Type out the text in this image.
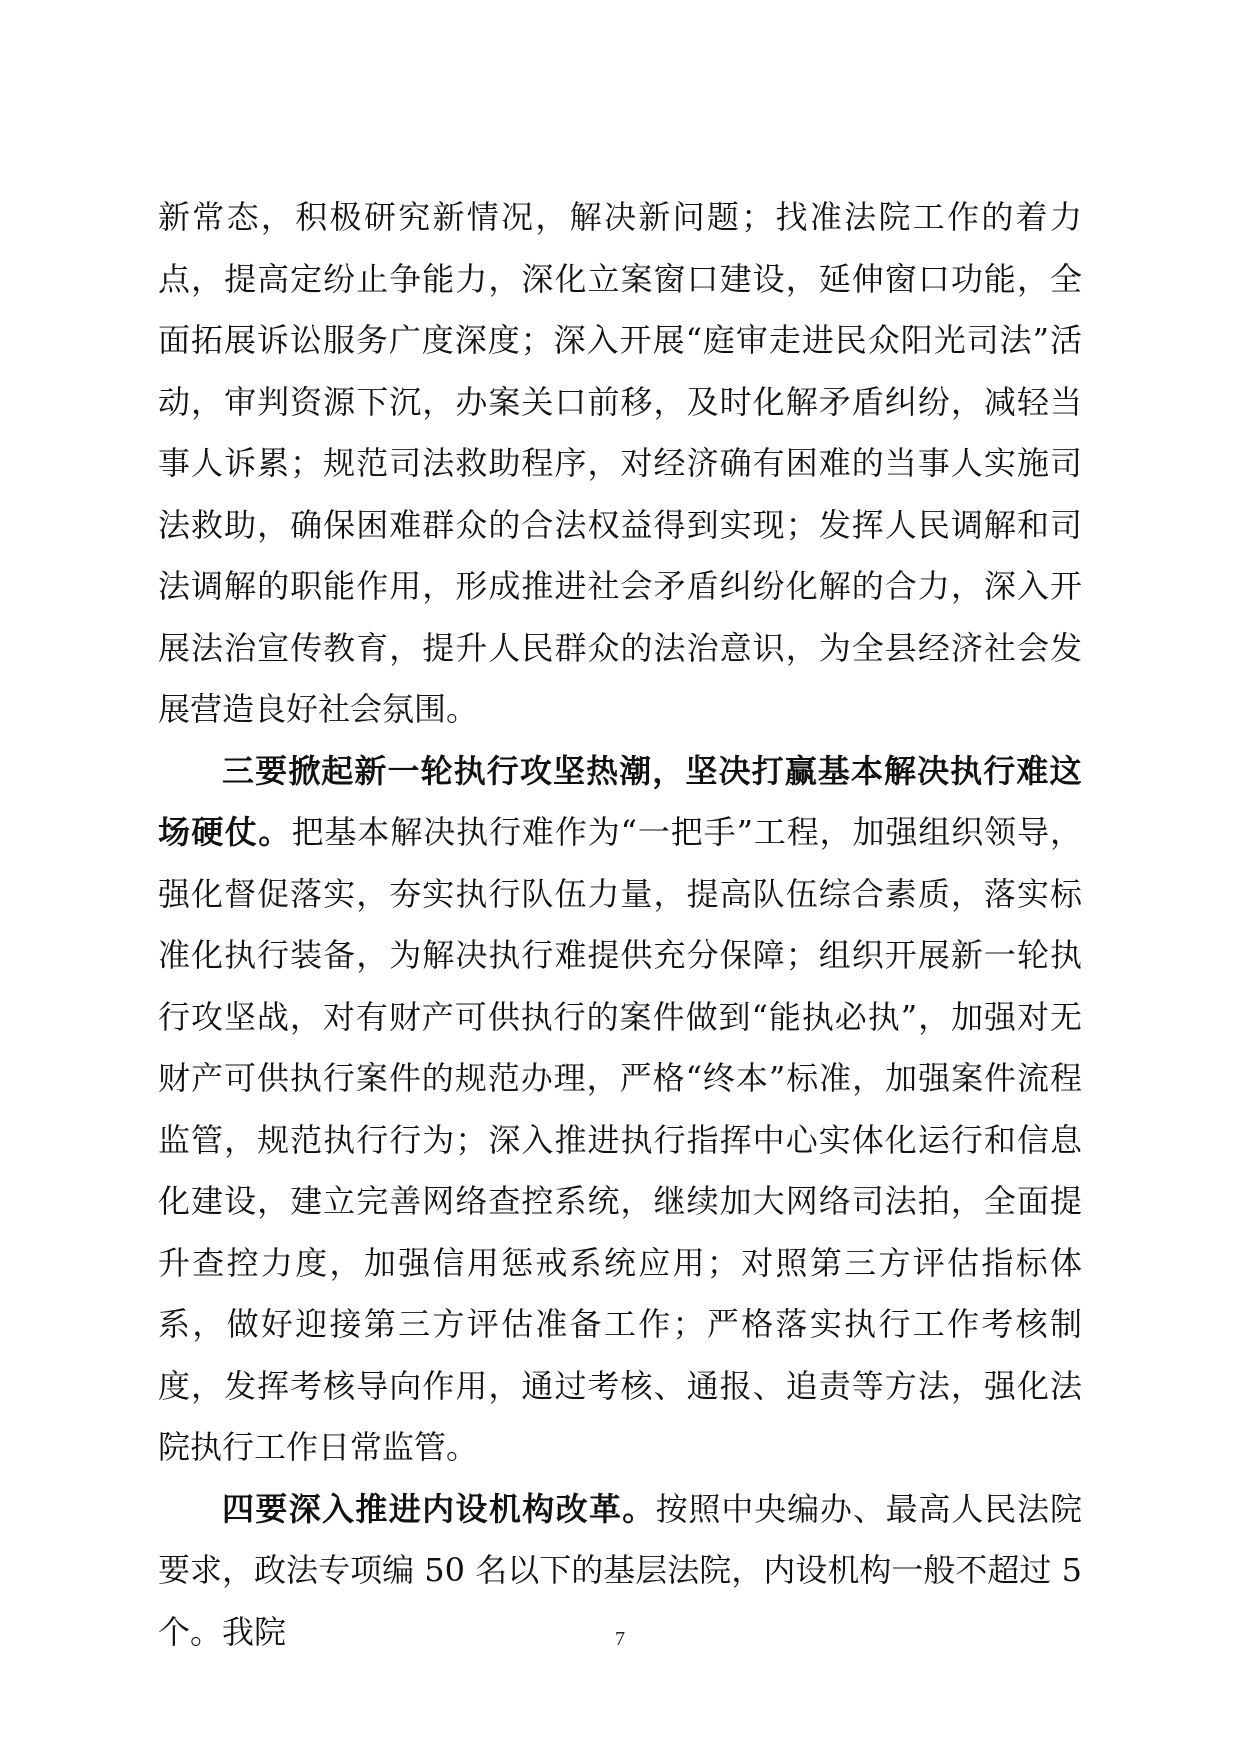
新常态，积极研究新情况，解决新问题；找准法院工作的着力点，提高定纷止争能力，深化立案窗口建设，延伸窗口功能，全面拓展诉讼服务广度深度；深入开展“庭审走进民众阳光司法”活动，审判资源下沉，办案关口前移，及时化解矛盾纠纷，减轻当事人诉累；规范司法救助程序，对经济确有困难的当事人实施司法救助，确保困难群众的合法权益得到实现；发挥人民调解和司法调解的职能作用，形成推进社会矛盾纠纷化解的合力，深入开展法治宣传教育，提升人民群众的法治意识，为全县经济社会发展营造良好社会氛围。

三要掀起新一轮执行攻坚热潮，坚决打赢基本解决执行难这场硬仗。把基本解决执行难作为“一把手”工程，加强组织领导，强化督促落实，夯实执行队伍力量，提高队伍综合素质，落实标准化执行装备，为解决执行难提供充分保障；组织开展新一轮执行攻坚战，对有财产可供执行的案件做到“能执必执”，加强对无财产可供执行案件的规范办理，严格“终本”标准，加强案件流程监管，规范执行行为；深入推进执行指挥中心实体化运行和信息化建设，建立完善网络查控系统，继续加大网络司法拍，全面提升查控力度，加强信用惩戒系统应用；对照第三方评估指标体系，做好迎接第三方评估准备工作；严格落实执行工作考核制度，发挥考核导向作用，通过考核、通报、追责等方法，强化法院执行工作日常监管。

四要深入推进内设机构改革。按照中央编办、最高人民法院要求，政法专项编 50 名以下的基层法院，内设机构一般不超过 5 个。我院	7
